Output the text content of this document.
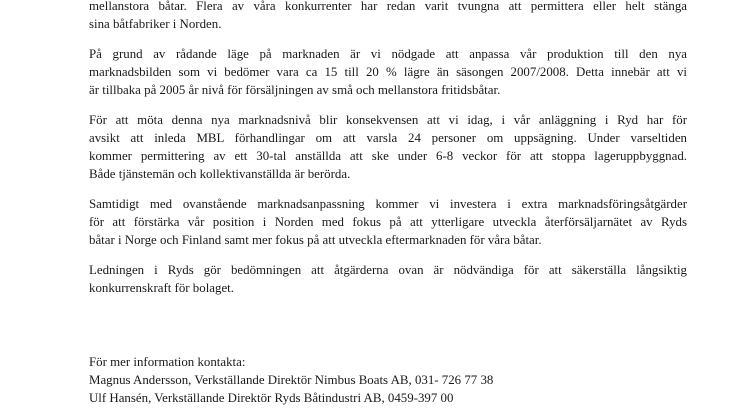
mellanstora båtar. Flera av våra konkurrenter har redan varit tvungna att permittera eller helt stänga
sina båtfabriker i Norden.
På grund av rådande läge på marknaden är vi nödgade att anpassa vår produktion till den nya
marknadsbilden som vi bedömer vara ca 15 till 20 % lägre än säsongen 2007/2008. Detta innebär att vi
är tillbaka på 2005 år nivå för försäljningen av små och mellanstora fritidsbåtar.
För att möta denna nya marknadsnivå blir konsekvensen att vi idag, i vår anläggning i Ryd har för
avsikt att inleda MBL förhandlingar om att varsla 24 personer om uppsägning. Under varseltiden
kommer permittering av ett 30-tal anställda att ske under 6-8 veckor för att stoppa lageruppbyggnad.
Både tjänstemän och kollektivanställda är berörda.
Samtidigt med ovanstående marknadsanpassning kommer vi investera i extra marknadsföringsåtgärder
för att förstärka vår position i Norden med fokus på att ytterligare utveckla återförsäljarnätet av Ryds
båtar i Norge och Finland samt mer fokus på att utveckla eftermarknaden för våra båtar.
Ledningen i Ryds gör bedömningen att åtgärderna ovan är nödvändiga för att säkerställa långsiktig
konkurrenskraft för bolaget.
För mer information kontakta:
Magnus Andersson, Verkställande Direktör Nimbus Boats AB, 031- 726 77 38
Ulf Hansén, Verkställande Direktör Ryds Båtindustri AB, 0459-397 00
